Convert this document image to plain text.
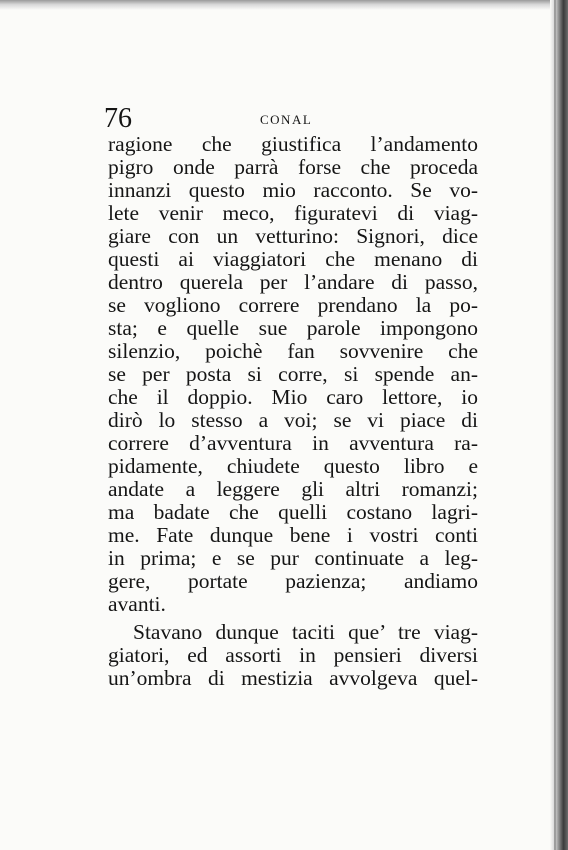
76	CONAL
ragione che giustifica l’andamento
pigro onde parrà forse che proceda
innanzi questo mio racconto. Se vo-
lete venir meco, figuratevi di viag-
giare con un vetturino: Signori, dice
questi ai viaggiatori che menano di
dentro querela per l’andare di passo,
se vogliono correre prendano la po-
sta; e quelle sue parole impongono
silenzio, poichè fan sovvenire che
se per posta si corre, si spende an-
che il doppio. Mio caro lettore, io
dirò lo stesso a voi; se vi piace di
correre d’avventura in avventura ra-
pidamente, chiudete questo libro e
andate a leggere gli altri romanzi;
ma badate che quelli costano lagri-
me. Fate dunque bene i vostri conti
in prima; e se pur continuate a leg-
gere, portate pazienza; andiamo
avanti.
Stavano dunque taciti que’ tre viag-
giatori, ed assorti in pensieri diversi
un’ombra di mestizia avvolgeva quel-
